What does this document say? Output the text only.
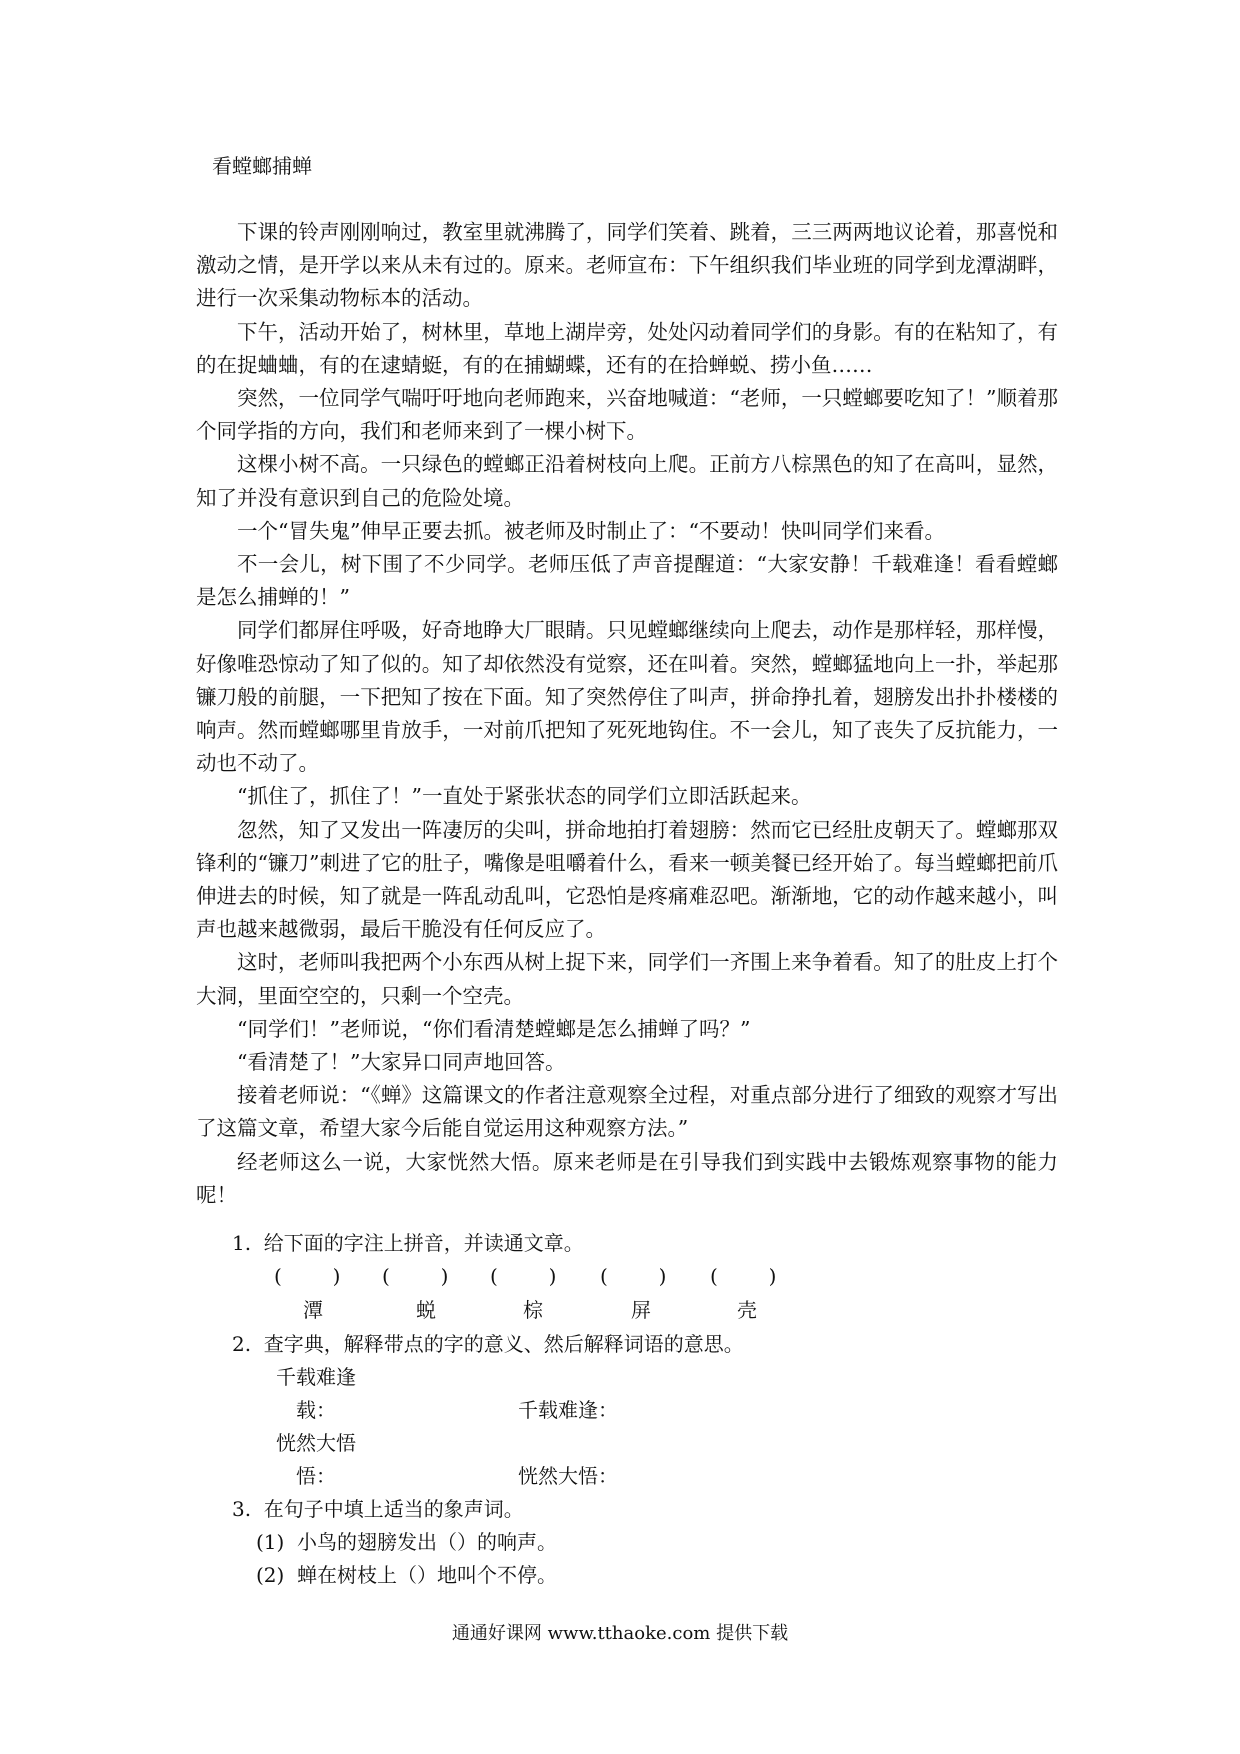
看螳螂捕蝉

下课的铃声刚刚响过，教室里就沸腾了，同学们笑着、跳着，三三两两地议论着，那喜悦和激动之情，是开学以来从未有过的。原来。老师宣布：下午组织我们毕业班的同学到龙潭湖畔，进行一次采集动物标本的活动。

下午，活动开始了，树林里，草地上湖岸旁，处处闪动着同学们的身影。有的在粘知了，有的在捉蛐蛐，有的在逮蜻蜓，有的在捕蝴蝶，还有的在拾蝉蜕、捞小鱼……

突然，一位同学气喘吁吁地向老师跑来，兴奋地喊道：“老师，一只螳螂要吃知了！”顺着那个同学指的方向，我们和老师来到了一棵小树下。

这棵小树不高。一只绿色的螳螂正沿着树枝向上爬。正前方八棕黑色的知了在高叫，显然，知了并没有意识到自己的危险处境。

一个“冒失鬼”伸早正要去抓。被老师及时制止了：“不要动！快叫同学们来看。

不一会儿，树下围了不少同学。老师压低了声音提醒道：“大家安静！千载难逢！看看螳螂是怎么捕蝉的！”

同学们都屏住呼吸，好奇地睁大厂眼睛。只见螳螂继续向上爬去，动作是那样轻，那样慢，好像唯恐惊动了知了似的。知了却依然没有觉察，还在叫着。突然，螳螂猛地向上一扑，举起那镰刀般的前腿，一下把知了按在下面。知了突然停住了叫声，拼命挣扎着，翅膀发出扑扑楼楼的响声。然而螳螂哪里肯放手，一对前爪把知了死死地钩住。不一会儿，知了丧失了反抗能力，一动也不动了。

“抓住了，抓住了！”一直处于紧张状态的同学们立即活跃起来。

忽然，知了又发出一阵凄厉的尖叫，拼命地拍打着翅膀：然而它已经肚皮朝天了。螳螂那双锋利的“镰刀”刺进了它的肚子，嘴像是咀嚼着什么，看来一顿美餐已经开始了。每当螳螂把前爪伸进去的时候，知了就是一阵乱动乱叫，它恐怕是疼痛难忍吧。渐渐地，它的动作越来越小，叫声也越来越微弱，最后干脆没有任何反应了。

这时，老师叫我把两个小东西从树上捉下来，同学们一齐围上来争着看。知了的肚皮上打个大洞，里面空空的，只剩一个空壳。

“同学们！”老师说，“你们看清楚螳螂是怎么捕蝉了吗？”

“看清楚了！”大家异口同声地回答。

接着老师说：“《蝉》这篇课文的作者注意观察全过程，对重点部分进行了细致的观察才写出了这篇文章，希望大家今后能自觉运用这种观察方法。”

经老师这么一说，大家恍然大悟。原来老师是在引导我们到实践中去锻炼观察事物的能力呢！

1.  给下面的字注上拼音，并读通文章。
(        ) (        ) (        ) (        ) (        )
潭	蜕	棕	屏	壳
2.  查字典，解释带点的字的意义、然后解释词语的意思。
千载难逢
载：	千载难逢：
恍然大悟
悟：	恍然大悟：
3.  在句子中填上适当的象声词。
(1)  小鸟的翅膀发出（）的响声。
(2)  蝉在树枝上（）地叫个不停。
通通好课网 www.tthaoke.com 提供下载
